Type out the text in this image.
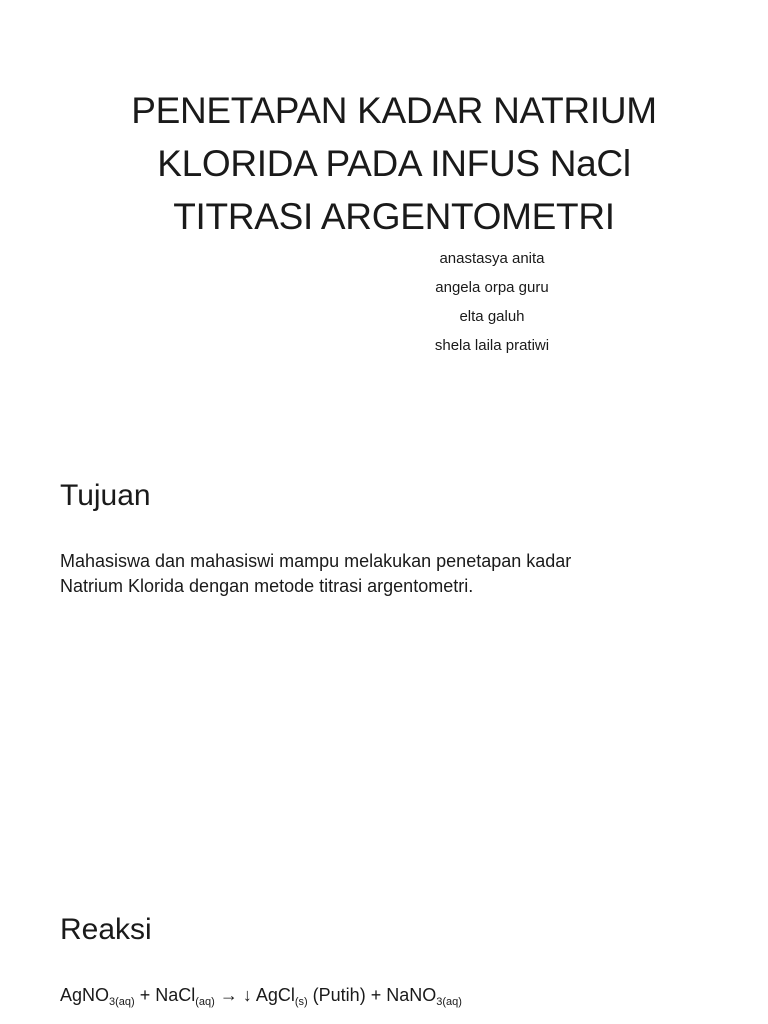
PENETAPAN KADAR NATRIUM
KLORIDA PADA INFUS NaCl
TITRASI ARGENTOMETRI
anastasya anita
angela orpa guru
elta galuh
shela laila pratiwi
Tujuan
Mahasiswa dan mahasiswi mampu melakukan penetapan kadar
Natrium Klorida dengan metode titrasi argentometri.
Reaksi
AgNO$_{3(aq)}$ + NaCl$_{(aq)}$ → ↓ AgCl$_{(s)}$ (Putih) + NaNO$_{3(aq)}$
